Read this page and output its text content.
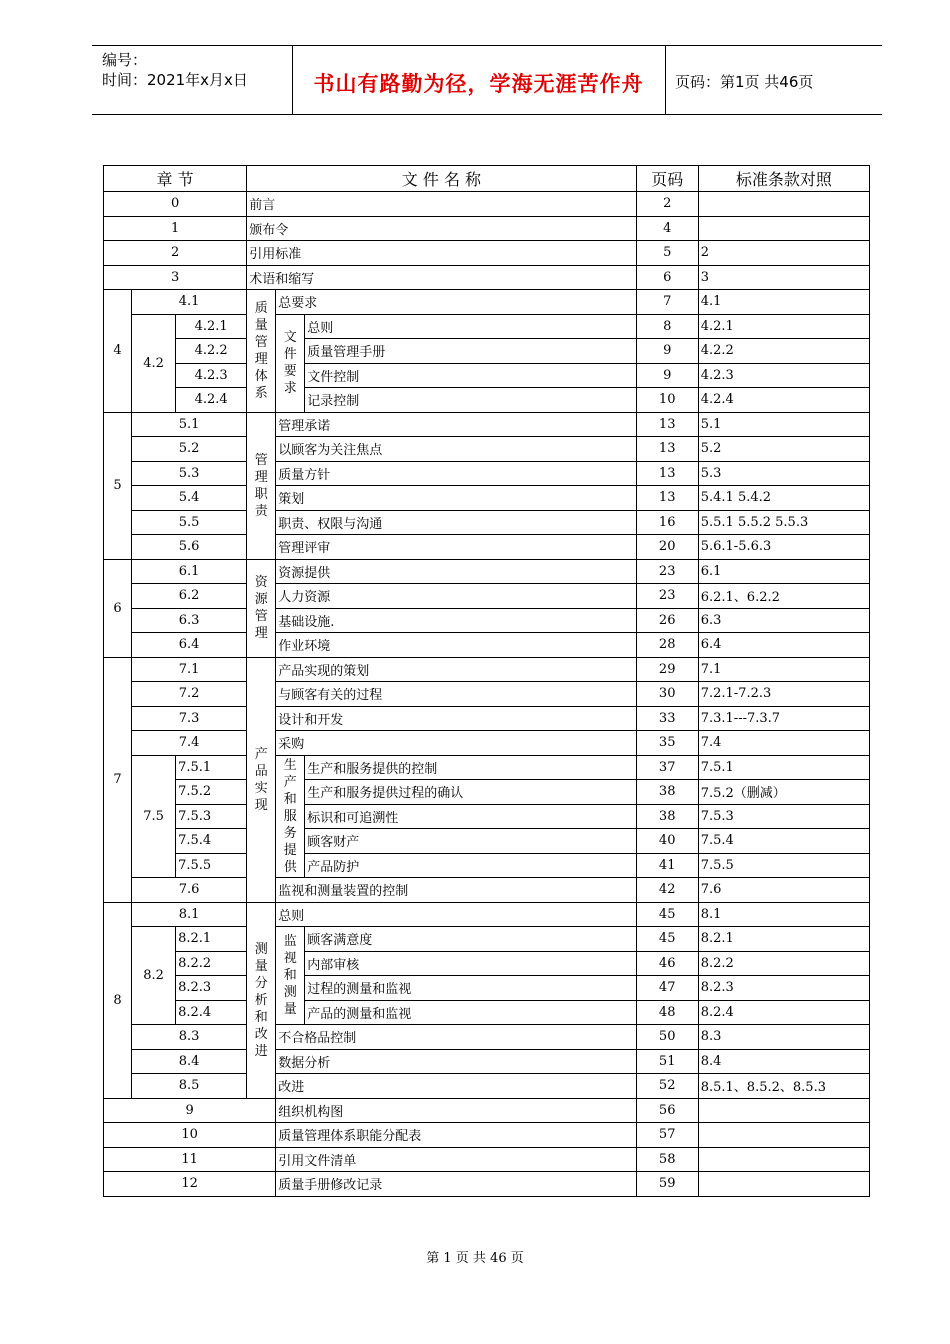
编号：
时间：2021年x月x日	书山有路勤为径，学海无涯苦作舟	页码：第1页 共46页
章 节			文 件 名 称			页码	标准条款对照
0			前言			2	
1			颁布令			4	
2			引用标准			5	2
3			术语和缩写			6	3
4	4.1		质量管理体系	总要求		7	4.1
	4.2	4.2.1		文件要求	总则	8	4.2.1
		4.2.2			质量管理手册	9	4.2.2
		4.2.3			文件控制	9	4.2.3
		4.2.4			记录控制	10	4.2.4
5	5.1		管理职责	管理承诺		13	5.1
	5.2			以顾客为关注焦点		13	5.2
	5.3			质量方针		13	5.3
	5.4			策划		13	5.4.1 5.4.2
	5.5			职责、权限与沟通		16	5.5.1 5.5.2 5.5.3
	5.6			管理评审		20	5.6.1-5.6.3
6	6.1		资源管理	资源提供		23	6.1
	6.2			人力资源		23	6.2.1、6.2.2
	6.3			基础设施.		26	6.3
	6.4			作业环境		28	6.4
7	7.1		产品实现	产品实现的策划		29	7.1
	7.2			与顾客有关的过程		30	7.2.1-7.2.3
	7.3			设计和开发		33	7.3.1---7.3.7
	7.4			采购		35	7.4
	7.5	7.5.1		生产和服务提供	生产和服务提供的控制	37	7.5.1
		7.5.2			生产和服务提供过程的确认	38	7.5.2（删减）
		7.5.3			标识和可追溯性	38	7.5.3
		7.5.4			顾客财产	40	7.5.4
		7.5.5			产品防护	41	7.5.5
	7.6			监视和测量装置的控制		42	7.6
8	8.1		测量分析和改进	总则		45	8.1
	8.2	8.2.1		监视和测量	顾客满意度	45	8.2.1
		8.2.2			内部审核	46	8.2.2
		8.2.3			过程的测量和监视	47	8.2.3
		8.2.4			产品的测量和监视	48	8.2.4
	8.3			不合格品控制		50	8.3
	8.4			数据分析		51	8.4
	8.5			改进		52	8.5.1、8.5.2、8.5.3
9				组织机构图		56	
10				质量管理体系职能分配表		57	
11				引用文件清单		58	
12				质量手册修改记录		59	
第 1 页 共 46 页
